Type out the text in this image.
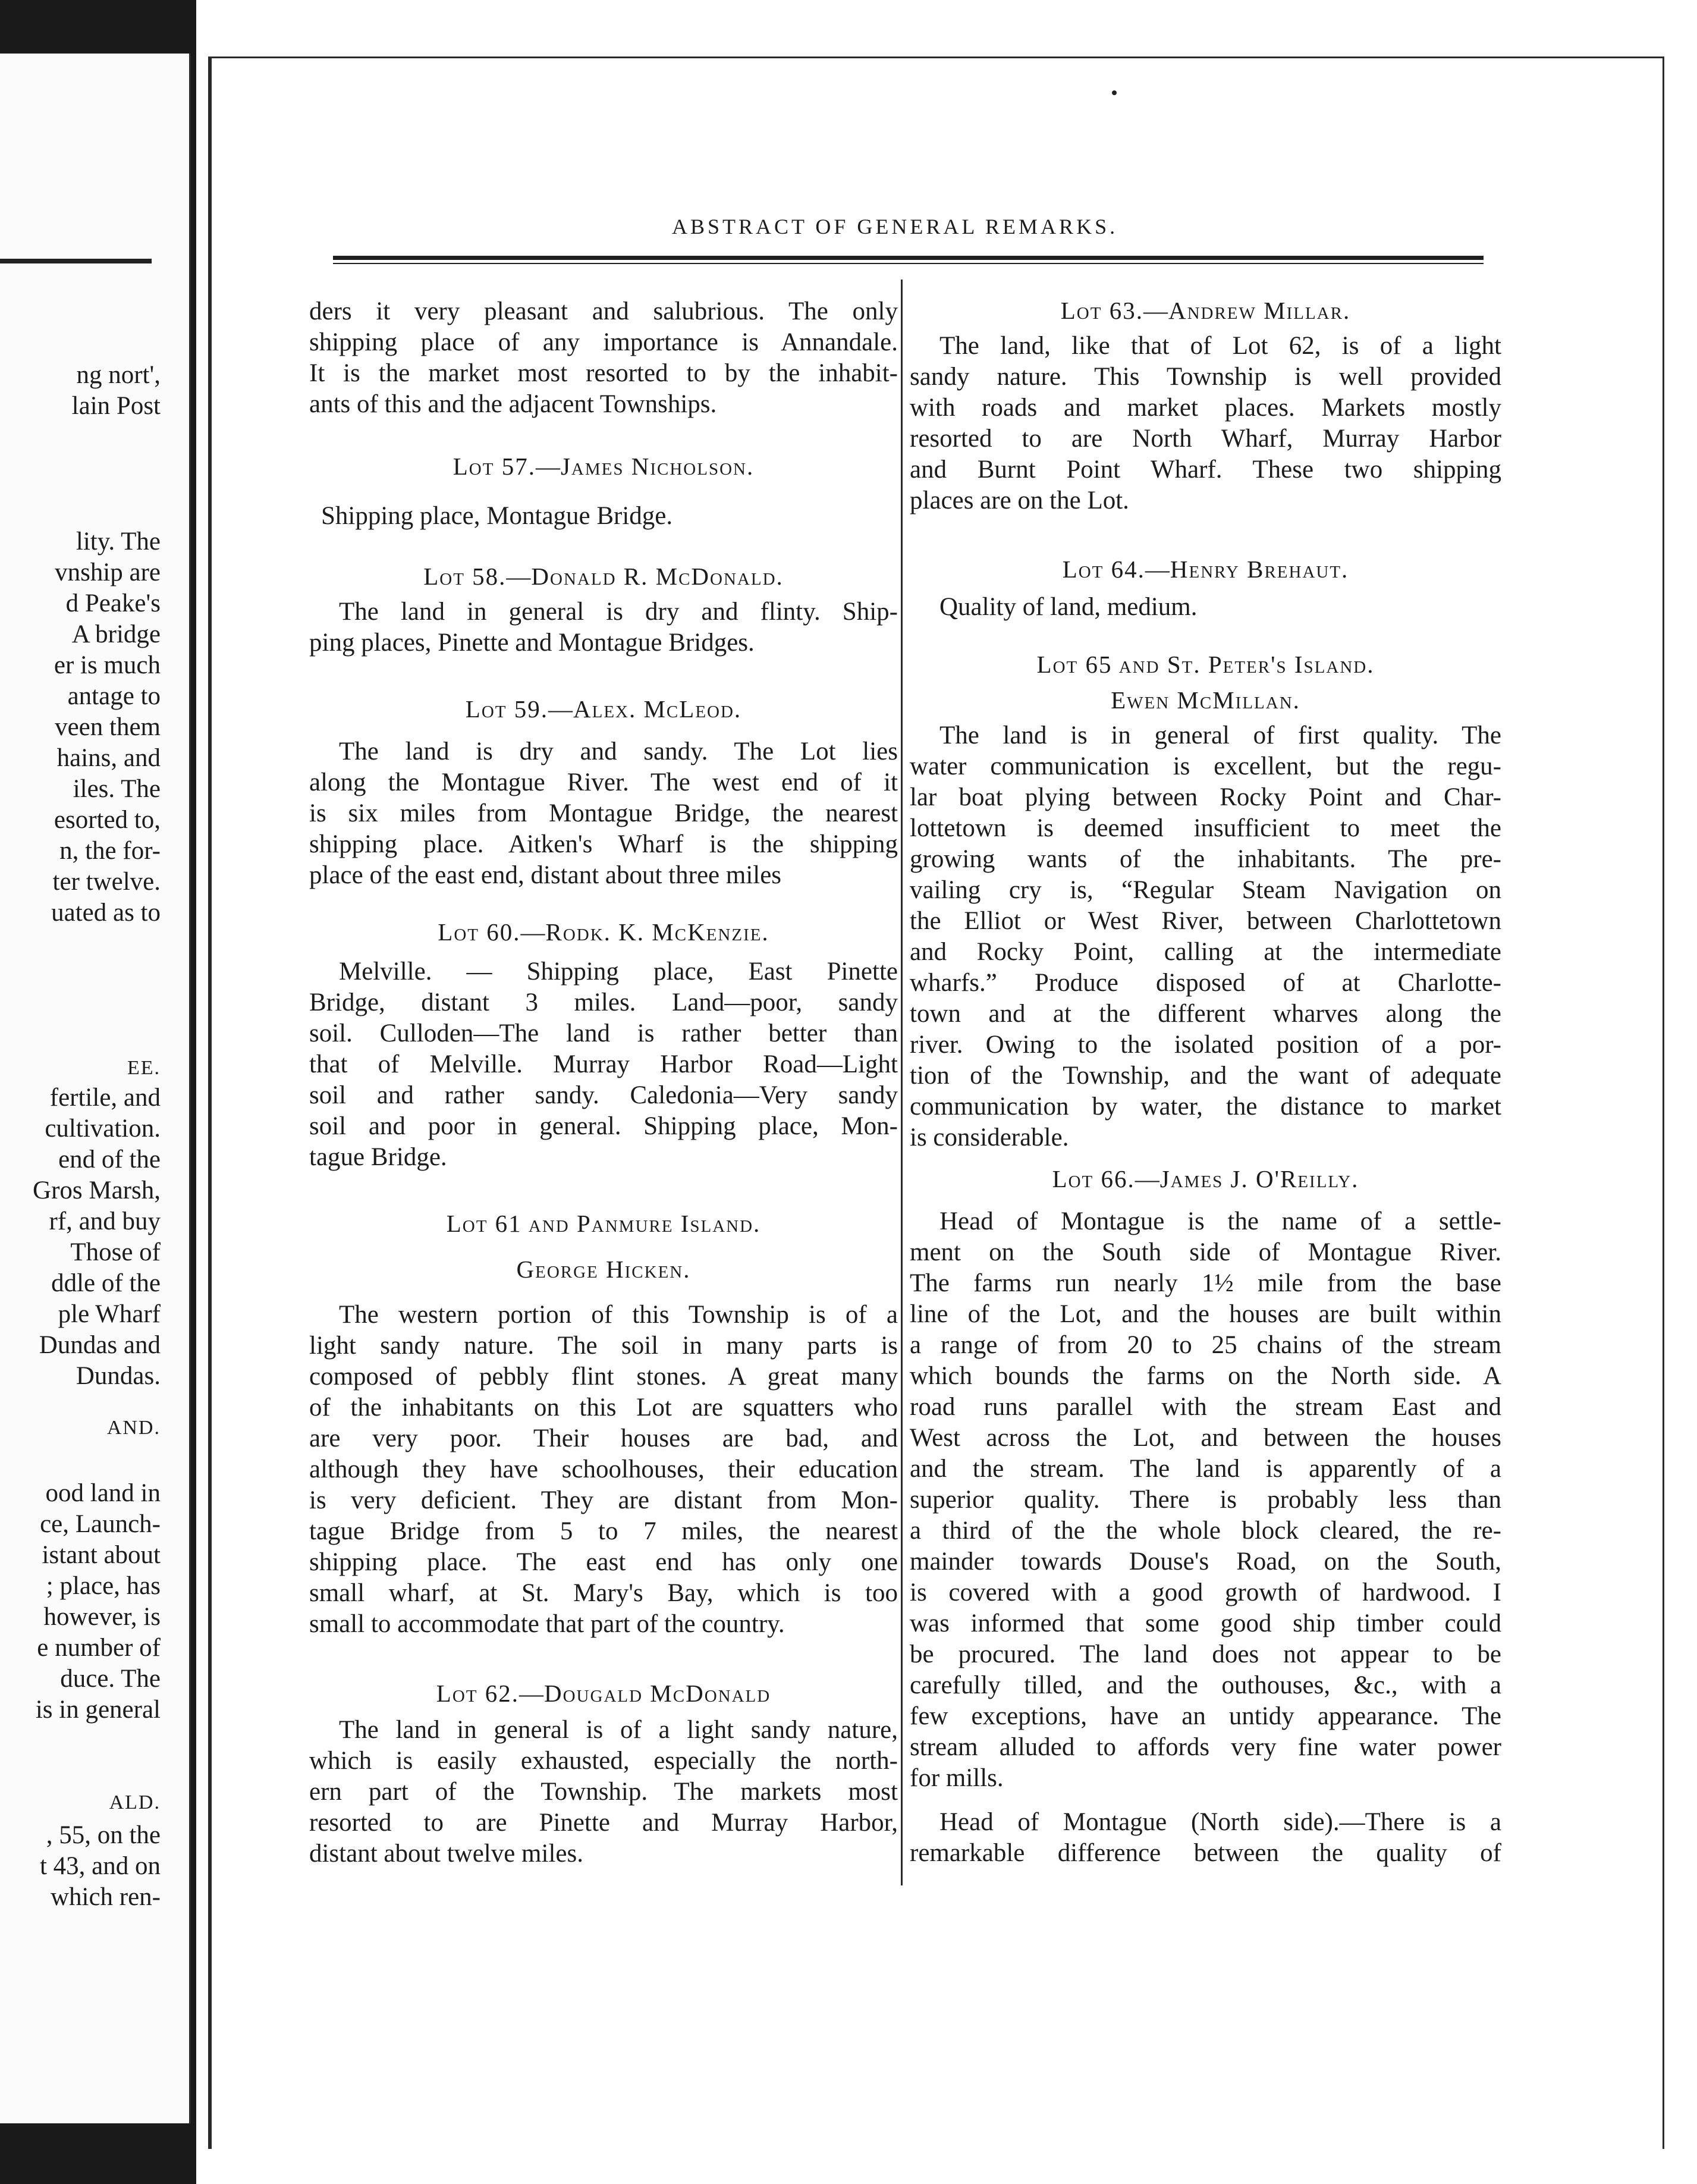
ng nort',
lain Post
lity. The
vnship are
d Peake's
A bridge
er is much
antage to
veen them
hains, and
iles. The
esorted to,
n, the for-
ter twelve.
uated as to
EE.
fertile, and
cultivation.
end of the
Gros Marsh,
rf, and buy
Those of
ddle of the
ple Wharf
Dundas and
Dundas.
AND.
ood land in
ce, Launch-
istant about
; place, has
however, is
e number of
duce. The
is in general
ALD.
, 55, on the
t 43, and on
which ren-
ABSTRACT OF GENERAL REMARKS.
ders it very pleasant and salubrious. The only
shipping place of any importance is Annandale.
It is the market most resorted to by the inhabit-
ants of this and the adjacent Townships.
Lot 57.—James Nicholson.
Shipping place, Montague Bridge.
Lot 58.—Donald R. McDonald.
The land in general is dry and flinty. Ship-
ping places, Pinette and Montague Bridges.
Lot 59.—Alex. McLeod.
The land is dry and sandy. The Lot lies
along the Montague River. The west end of it
is six miles from Montague Bridge, the nearest
shipping place. Aitken's Wharf is the shipping
place of the east end, distant about three miles
Lot 60.—Rodk. K. McKenzie.
Melville. — Shipping place, East Pinette
Bridge, distant 3 miles. Land—poor, sandy
soil. Culloden—The land is rather better than
that of Melville. Murray Harbor Road—Light
soil and rather sandy. Caledonia—Very sandy
soil and poor in general. Shipping place, Mon-
tague Bridge.
Lot 61 and Panmure Island.
George Hicken.
The western portion of this Township is of a
light sandy nature. The soil in many parts is
composed of pebbly flint stones. A great many
of the inhabitants on this Lot are squatters who
are very poor. Their houses are bad, and
although they have schoolhouses, their education
is very deficient. They are distant from Mon-
tague Bridge from 5 to 7 miles, the nearest
shipping place. The east end has only one
small wharf, at St. Mary's Bay, which is too
small to accommodate that part of the country.
Lot 62.—Dougald McDonald
The land in general is of a light sandy nature,
which is easily exhausted, especially the north-
ern part of the Township. The markets most
resorted to are Pinette and Murray Harbor,
distant about twelve miles.
Lot 63.—Andrew Millar.
The land, like that of Lot 62, is of a light
sandy nature. This Township is well provided
with roads and market places. Markets mostly
resorted to are North Wharf, Murray Harbor
and Burnt Point Wharf. These two shipping
places are on the Lot.
Lot 64.—Henry Brehaut.
Quality of land, medium.
Lot 65 and St. Peter's Island.
Ewen McMillan.
The land is in general of first quality. The
water communication is excellent, but the regu-
lar boat plying between Rocky Point and Char-
lottetown is deemed insufficient to meet the
growing wants of the inhabitants. The pre-
vailing cry is, “Regular Steam Navigation on
the Elliot or West River, between Charlottetown
and Rocky Point, calling at the intermediate
wharfs.” Produce disposed of at Charlotte-
town and at the different wharves along the
river. Owing to the isolated position of a por-
tion of the Township, and the want of adequate
communication by water, the distance to market
is considerable.
Lot 66.—James J. O'Reilly.
Head of Montague is the name of a settle-
ment on the South side of Montague River.
The farms run nearly 1½ mile from the base
line of the Lot, and the houses are built within
a range of from 20 to 25 chains of the stream
which bounds the farms on the North side. A
road runs parallel with the stream East and
West across the Lot, and between the houses
and the stream. The land is apparently of a
superior quality. There is probably less than
a third of the the whole block cleared, the re-
mainder towards Douse's Road, on the South,
is covered with a good growth of hardwood. I
was informed that some good ship timber could
be procured. The land does not appear to be
carefully tilled, and the outhouses, &c., with a
few exceptions, have an untidy appearance. The
stream alluded to affords very fine water power
for mills.
Head of Montague (North side).—There is a
remarkable difference between the quality of
